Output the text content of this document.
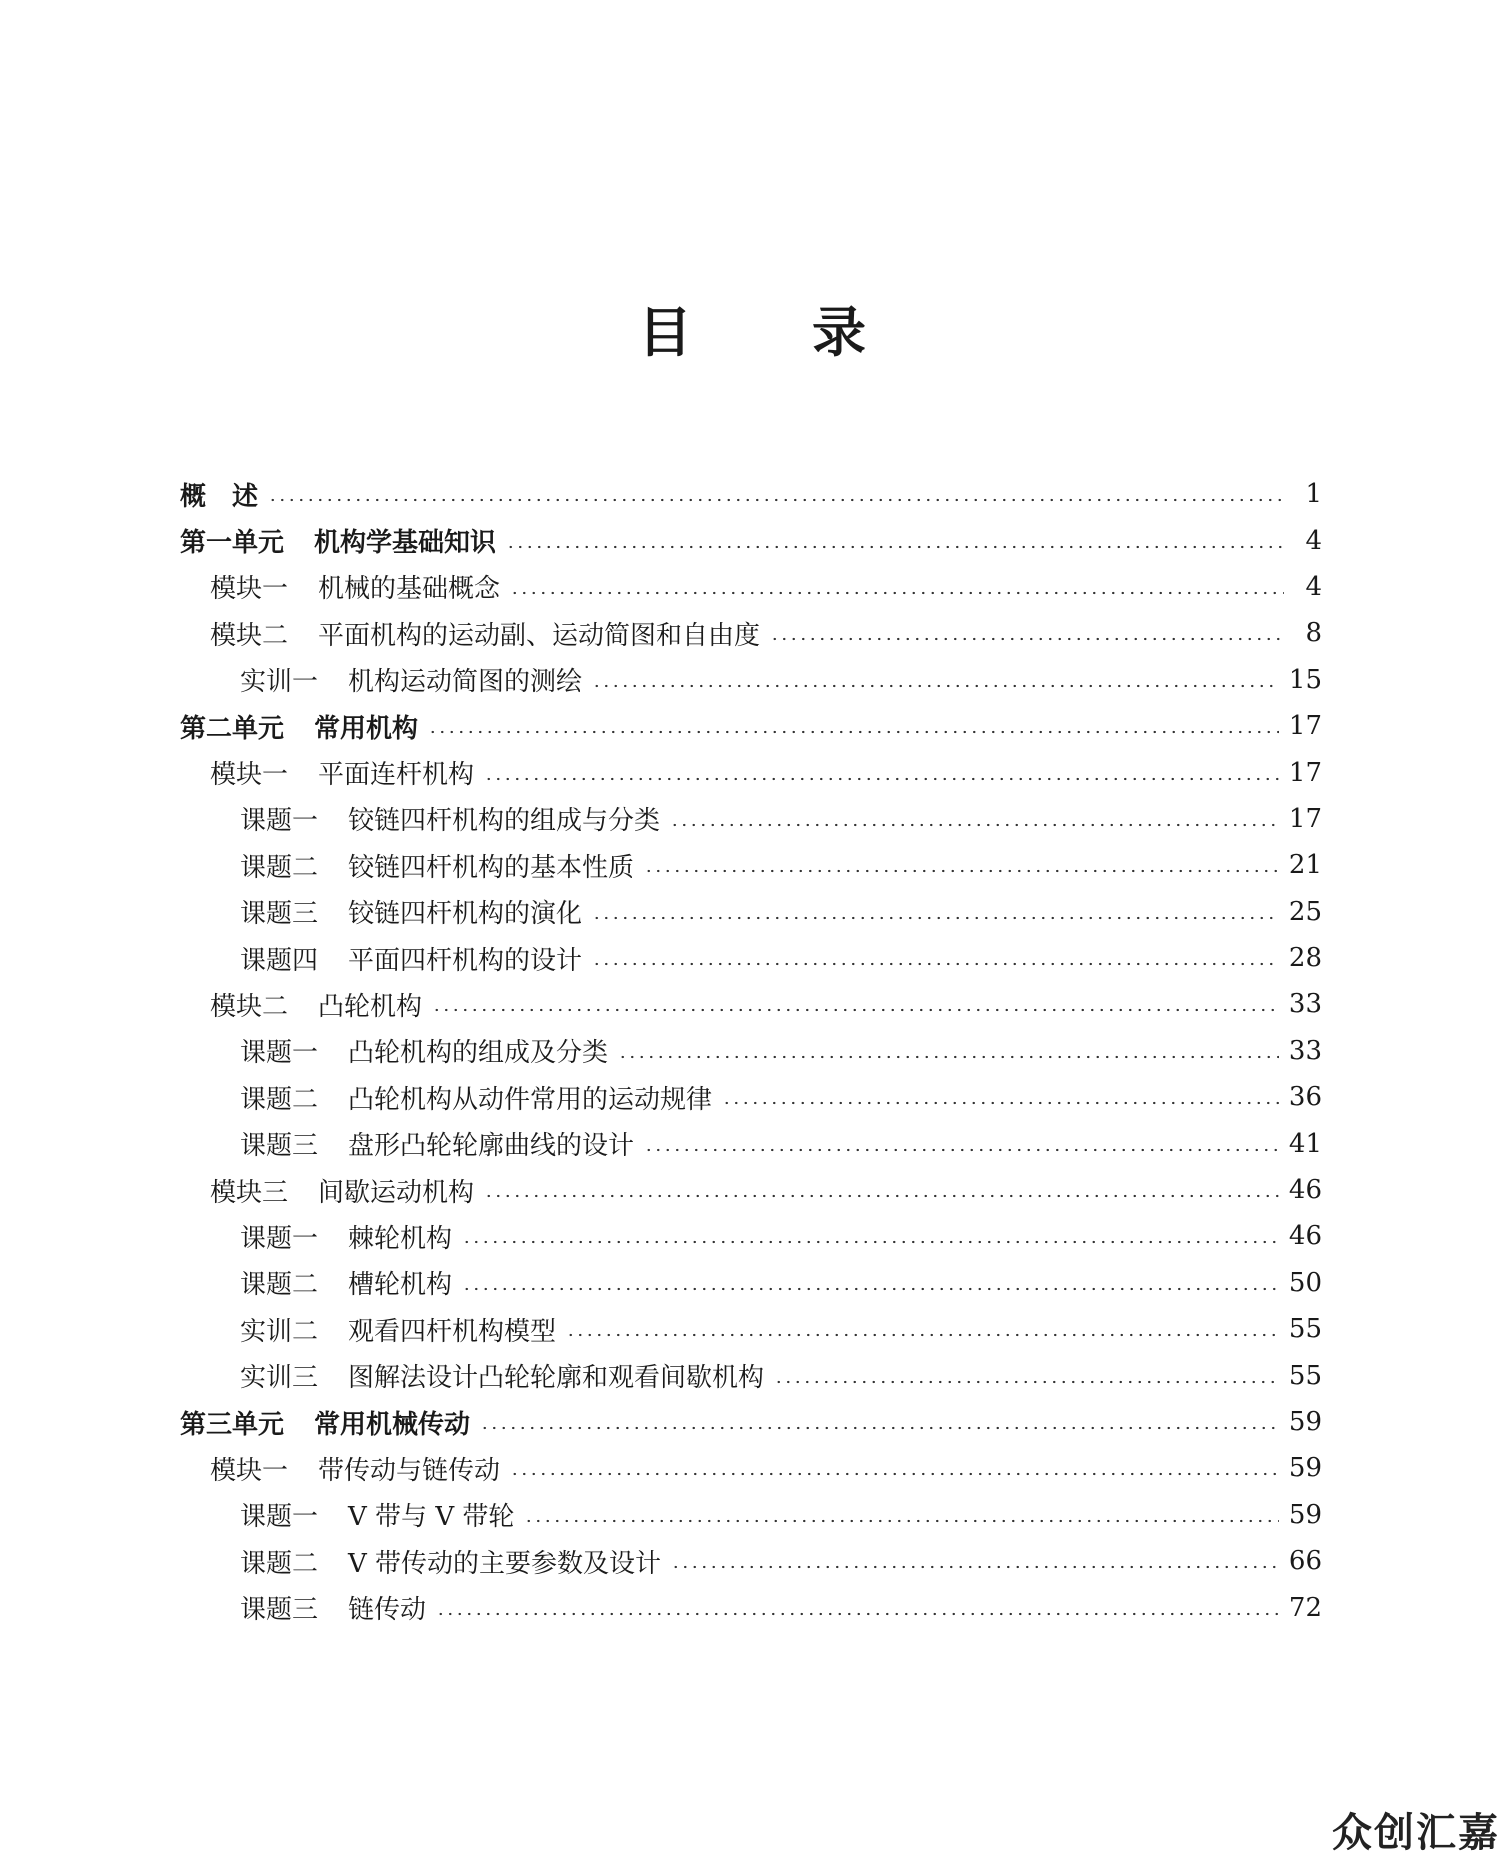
目 录
概　述	1
第一单元 机构学基础知识	4
模块一 机械的基础概念	4
模块二 平面机构的运动副、运动简图和自由度	8
实训一 机构运动简图的测绘	15
第二单元 常用机构	17
模块一 平面连杆机构	17
课题一 铰链四杆机构的组成与分类	17
课题二 铰链四杆机构的基本性质	21
课题三 铰链四杆机构的演化	25
课题四 平面四杆机构的设计	28
模块二 凸轮机构	33
课题一 凸轮机构的组成及分类	33
课题二 凸轮机构从动件常用的运动规律	36
课题三 盘形凸轮轮廓曲线的设计	41
模块三 间歇运动机构	46
课题一 棘轮机构	46
课题二 槽轮机构	50
实训二 观看四杆机构模型	55
实训三 图解法设计凸轮轮廓和观看间歇机构	55
第三单元 常用机械传动	59
模块一 带传动与链传动	59
课题一 V 带与 V 带轮	59
课题二 V 带传动的主要参数及设计	66
课题三 链传动	72
众创汇嘉
